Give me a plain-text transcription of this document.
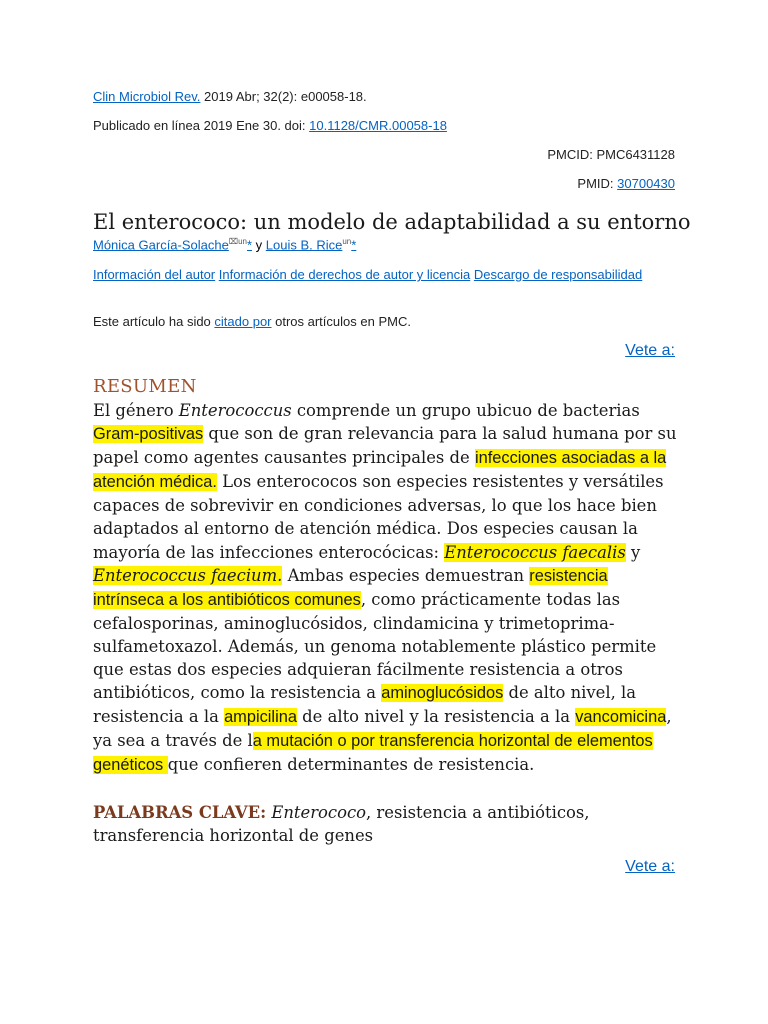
Clin Microbiol Rev. 2019 Abr; 32(2): e00058-18.
Publicado en línea 2019 Ene 30. doi: 10.1128/CMR.00058-18
PMCID: PMC6431128
PMID: 30700430
El enterococo: un modelo de adaptabilidad a su entorno
Mónica García-Solache$^{⌧un}$* y Louis B. Rice$^{un}$*
Información del autor Información de derechos de autor y licencia Descargo de responsabilidad
Este artículo ha sido citado por otros artículos en PMC.
Vete a:
RESUMEN
El género Enterococcus comprende un grupo ubicuo de bacterias Gram-positivas que son de gran relevancia para la salud humana por su papel como agentes causantes principales de infecciones asociadas a la atención médica. Los enterococos son especies resistentes y versátiles capaces de sobrevivir en condiciones adversas, lo que los hace bien adaptados al entorno de atención médica. Dos especies causan la mayoría de las infecciones enterocócicas: Enterococcus faecalis y Enterococcus faecium. Ambas especies demuestran resistencia intrínseca a los antibióticos comunes, como prácticamente todas las cefalosporinas, aminoglucósidos, clindamicina y trimetoprima-sulfametoxazol. Además, un genoma notablemente plástico permite que estas dos especies adquieran fácilmente resistencia a otros antibióticos, como la resistencia a aminoglucósidos de alto nivel, la resistencia a la ampicilina de alto nivel y la resistencia a la vancomicina, ya sea a través de la mutación o por transferencia horizontal de elementos genéticos que confieren determinantes de resistencia.
PALABRAS CLAVE: Enterococo, resistencia a antibióticos, transferencia horizontal de genes
Vete a:
